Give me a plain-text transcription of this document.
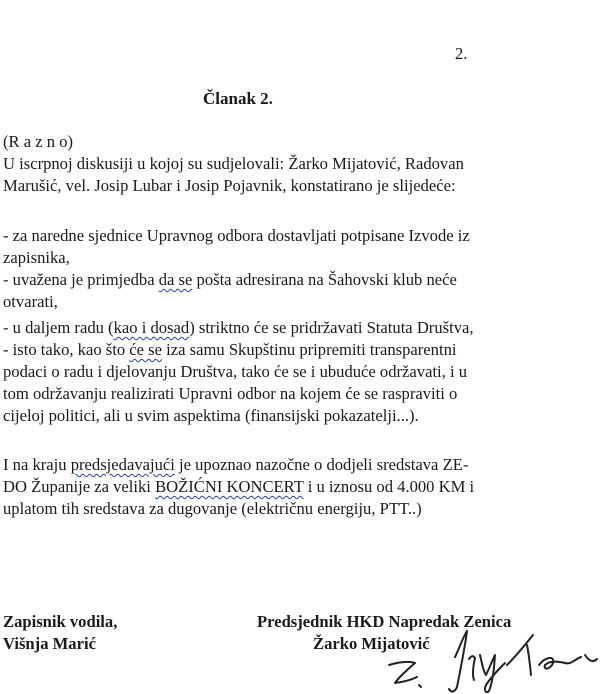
2.
Članak 2.
(R a z n o)
U iscrpnoj diskusiji u kojoj su sudjelovali: Žarko Mijatović, Radovan
Marušić, vel. Josip Lubar i Josip Pojavnik, konstatirano je slijedeće:
- za naredne sjednice Upravnog odbora dostavljati potpisane Izvode iz
zapisnika,
- uvažena je primjedba da se pošta adresirana na Šahovski klub neće
otvarati,
- u daljem radu (kao i dosad) striktno će se pridržavati Statuta Društva,
- isto tako, kao što će se iza samu Skupštinu pripremiti transparentni
podaci o radu i djelovanju Društva, tako će se i ubuduće održavati, i u
tom održavanju realizirati Upravni odbor na kojem će se raspraviti o
cijeloj politici, ali u svim aspektima (finansijski pokazatelji...).
I na kraju predsjedavajući je upoznao nazočne o dodjeli sredstava ZE-
DO Županije za veliki BOŽIĆNI KONCERT i u iznosu od 4.000 KM i
uplatom tih sredstava za dugovanje (električnu energiju, PTT..)
Zapisnik vodila,
Višnja Marić
Predsjednik HKD Napredak Zenica
Žarko Mijatović
